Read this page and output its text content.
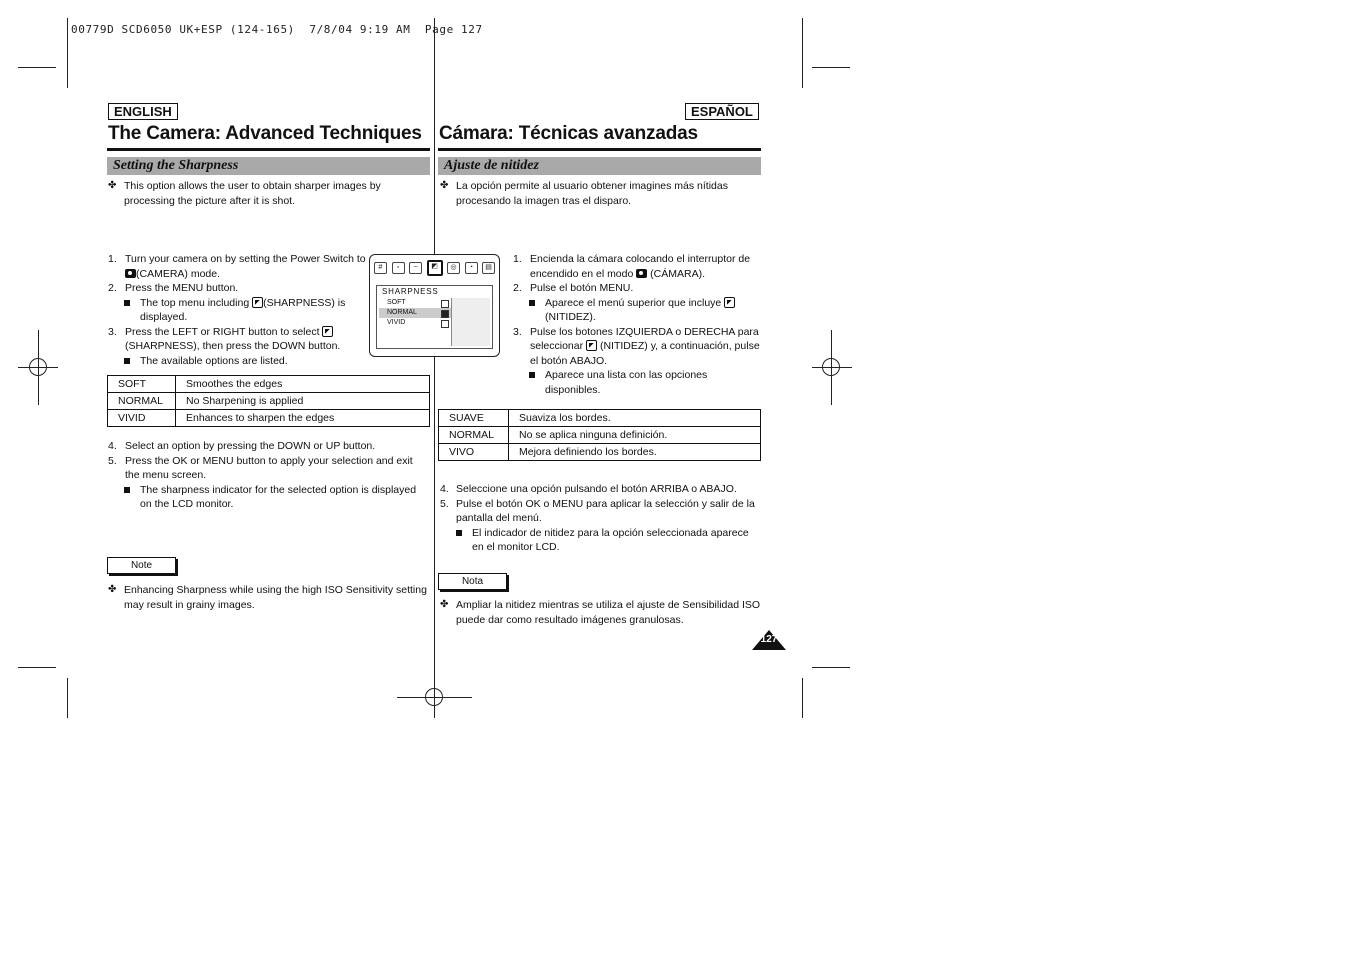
00779D SCD6050 UK+ESP (124-165)  7/8/04 9:19 AM  Page 127
ENGLISH
The Camera: Advanced Techniques
Setting the Sharpness
✤ This option allows the user to obtain sharper images by processing the picture after it is shot.
1. Turn your camera on by setting the Power Switch to (CAMERA) mode.
2. Press the MENU button.
The top menu including (SHARPNESS) is displayed.
3. Press the LEFT or RIGHT button to select (SHARPNESS), then press the DOWN button.
The available options are listed.
#	▫	~	◩	◎	◔	▤
SHARPNESS
SOFT
NORMAL
VIVID
SOFT	Smoothes the edges
NORMAL	No Sharpening is applied
VIVID	Enhances to sharpen the edges
4. Select an option by pressing the DOWN or UP button.
5. Press the OK or MENU button to apply your selection and exit the menu screen.
The sharpness indicator for the selected option is displayed on the LCD monitor.
Note
✤ Enhancing Sharpness while using the high ISO Sensitivity setting may result in grainy images.
ESPAÑOL
Cámara: Técnicas avanzadas
Ajuste de nitidez
✤ La opción permite al usuario obtener imagines más nítidas procesando la imagen tras el disparo.
1. Encienda la cámara colocando el interruptor de encendido en el modo  (CÁMARA).
2. Pulse el botón MENU.
Aparece el menú superior que incluye  (NITIDEZ).
3. Pulse los botones IZQUIERDA o DERECHA para seleccionar  (NITIDEZ) y, a continuación, pulse el botón ABAJO.
Aparece una lista con las opciones disponibles.
SUAVE	Suaviza los bordes.
NORMAL	No se aplica ninguna definición.
VIVO	Mejora definiendo los bordes.
4. Seleccione una opción pulsando el botón ARRIBA o ABAJO.
5. Pulse el botón OK o MENU para aplicar la selección y salir de la pantalla del menú.
El indicador de nitidez para la opción seleccionada aparece en el monitor LCD.
Nota
✤ Ampliar la nitidez mientras se utiliza el ajuste de Sensibilidad ISO puede dar como resultado imágenes granulosas.
127
